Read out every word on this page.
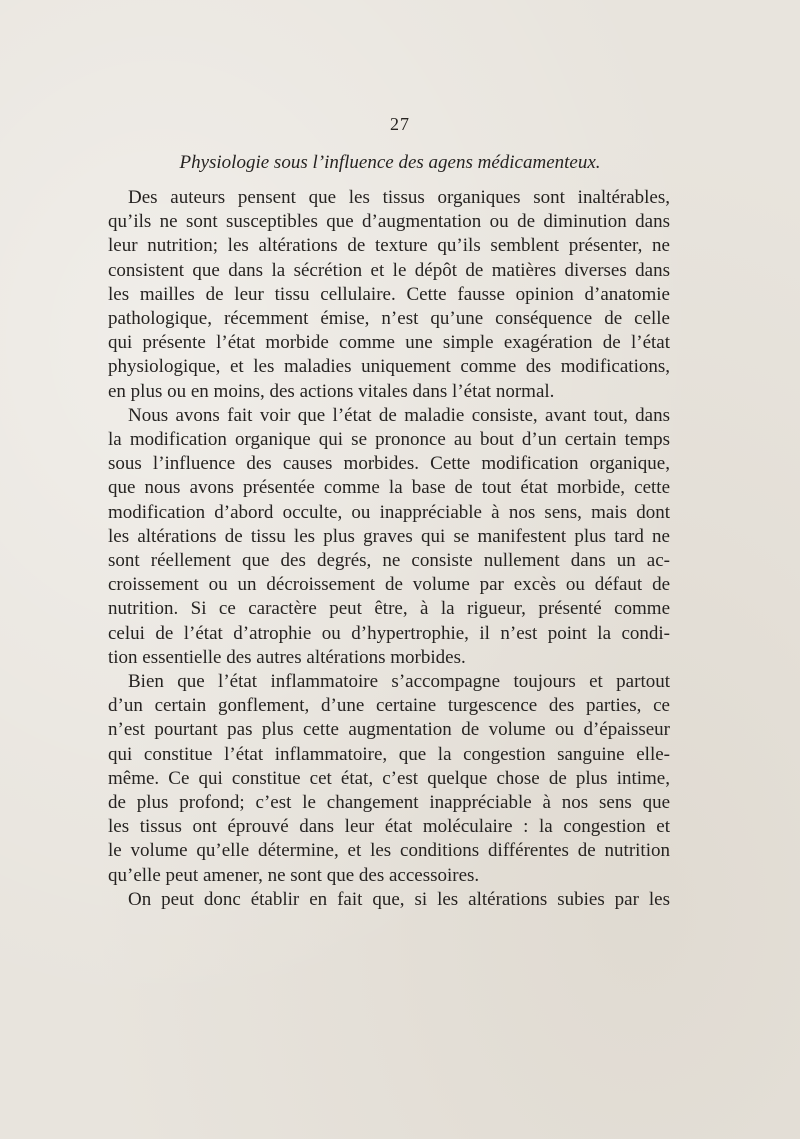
27
Physiologie sous l’influence des agens médicamenteux.
Des auteurs pensent que les tissus organiques sont inaltérables,
qu’ils ne sont susceptibles que d’augmentation ou de diminution dans
leur nutrition; les altérations de texture qu’ils semblent présenter, ne
consistent que dans la sécrétion et le dépôt de matières diverses dans
les mailles de leur tissu cellulaire. Cette fausse opinion d’anatomie
pathologique, récemment émise, n’est qu’une conséquence de celle
qui présente l’état morbide comme une simple exagération de l’état
physiologique, et les maladies uniquement comme des modifications,
en plus ou en moins, des actions vitales dans l’état normal.
Nous avons fait voir que l’état de maladie consiste, avant tout, dans
la modification organique qui se prononce au bout d’un certain temps
sous l’influence des causes morbides. Cette modification organique,
que nous avons présentée comme la base de tout état morbide, cette
modification d’abord occulte, ou inappréciable à nos sens, mais dont
les altérations de tissu les plus graves qui se manifestent plus tard ne
sont réellement que des degrés, ne consiste nullement dans un ac-
croissement ou un décroissement de volume par excès ou défaut de
nutrition. Si ce caractère peut être, à la rigueur, présenté comme
celui de l’état d’atrophie ou d’hypertrophie, il n’est point la condi-
tion essentielle des autres altérations morbides.
Bien que l’état inflammatoire s’accompagne toujours et partout
d’un certain gonflement, d’une certaine turgescence des parties, ce
n’est pourtant pas plus cette augmentation de volume ou d’épaisseur
qui constitue l’état inflammatoire, que la congestion sanguine elle-
même. Ce qui constitue cet état, c’est quelque chose de plus intime,
de plus profond; c’est le changement inappréciable à nos sens que
les tissus ont éprouvé dans leur état moléculaire : la congestion et
le volume qu’elle détermine, et les conditions différentes de nutrition
qu’elle peut amener, ne sont que des accessoires.
On peut donc établir en fait que, si les altérations subies par les
